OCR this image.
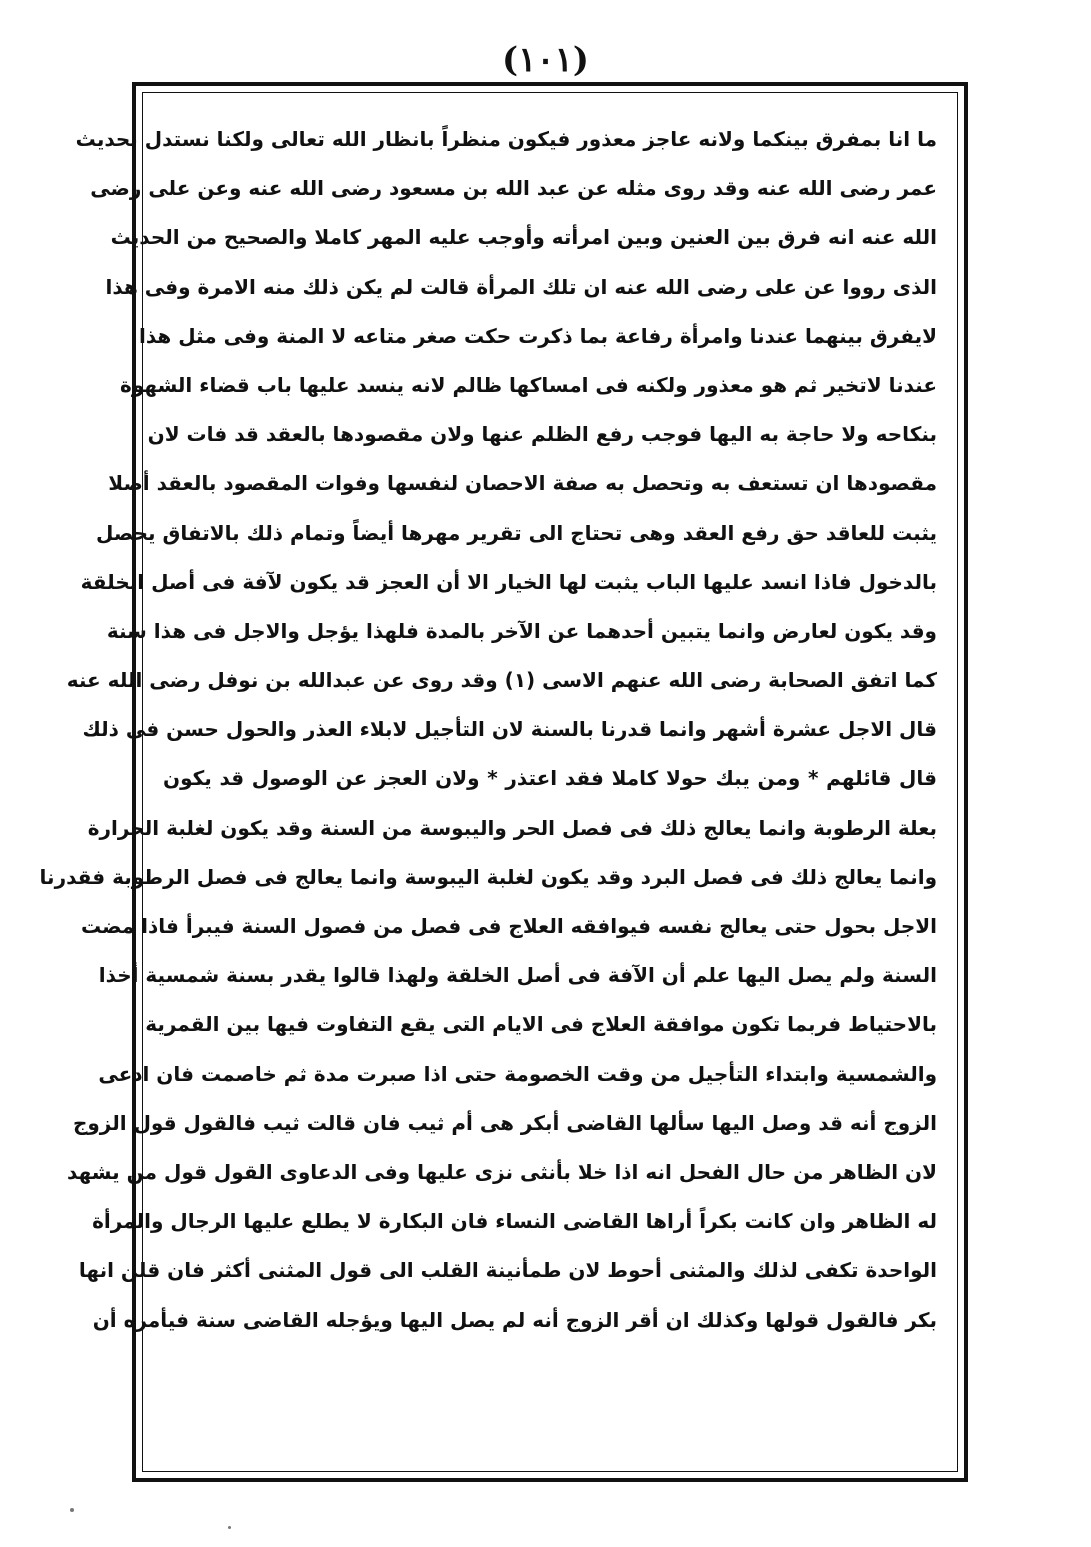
(١٠١)
ما انا بمفرق بينكما ولانه عاجز معذور فيكون منظراً بانظار الله تعالى ولكنا نستدل بحديث
عمر رضى الله عنه وقد روى مثله عن عبد الله بن مسعود رضى الله عنه وعن على رضى
الله عنه انه فرق بين العنين وبين امرأته وأوجب عليه المهر كاملا والصحيح من الحديث
الذى رووا عن على رضى الله عنه ان تلك المرأة قالت لم يكن ذلك منه الامرة وفى هذا
لايفرق بينهما عندنا وامرأة رفاعة بما ذكرت حكت صغر متاعه لا المنة وفى مثل هذا
عندنا لاتخير ثم هو معذور ولكنه فى امساكها ظالم لانه ينسد عليها باب قضاء الشهوة
بنكاحه ولا حاجة به اليها فوجب رفع الظلم عنها ولان مقصودها بالعقد قد فات لان
مقصودها ان تستعف به وتحصل به صفة الاحصان لنفسها وفوات المقصود بالعقد أصلا
يثبت للعاقد حق رفع العقد وهى تحتاج الى تقرير مهرها أيضاً وتمام ذلك بالاتفاق يحصل
بالدخول فاذا انسد عليها الباب يثبت لها الخيار الا أن العجز قد يكون لآفة فى أصل الخلقة
وقد يكون لعارض وانما يتبين أحدهما عن الآخر بالمدة فلهذا يؤجل والاجل فى هذا سنة
كما اتفق الصحابة رضى الله عنهم الاسى (١) وقد روى عن عبدالله بن نوفل رضى الله عنه
قال الاجل عشرة أشهر وانما قدرنا بالسنة لان التأجيل لابلاء العذر والحول حسن فى ذلك
قال قائلهم * ومن يبك حولا كاملا فقد اعتذر * ولان العجز عن الوصول قد يكون
بعلة الرطوبة وانما يعالج ذلك فى فصل الحر واليبوسة من السنة وقد يكون لغلبة الحرارة
وانما يعالج ذلك فى فصل البرد وقد يكون لغلبة اليبوسة وانما يعالج فى فصل الرطوبة فقدرنا
الاجل بحول حتى يعالج نفسه فيوافقه العلاج فى فصل من فصول السنة فيبرأ فاذا مضت
السنة ولم يصل اليها علم أن الآفة فى أصل الخلقة ولهذا قالوا يقدر بسنة شمسية أخذا
بالاحتياط فربما تكون موافقة العلاج فى الايام التى يقع التفاوت فيها بين القمرية
والشمسية وابتداء التأجيل من وقت الخصومة حتى اذا صبرت مدة ثم خاصمت فان ادعى
الزوج أنه قد وصل اليها سألها القاضى أبكر هى أم ثيب فان قالت ثيب فالقول قول الزوج
لان الظاهر من حال الفحل انه اذا خلا بأنثى نزى عليها وفى الدعاوى القول قول من يشهد
له الظاهر وان كانت بكراً أراها القاضى النساء فان البكارة لا يطلع عليها الرجال والمرأة
الواحدة تكفى لذلك والمثنى أحوط لان طمأنينة القلب الى قول المثنى أكثر فان قلن انها
بكر فالقول قولها وكذلك ان أقر الزوج أنه لم يصل اليها ويؤجله القاضى سنة فيأمره أن
